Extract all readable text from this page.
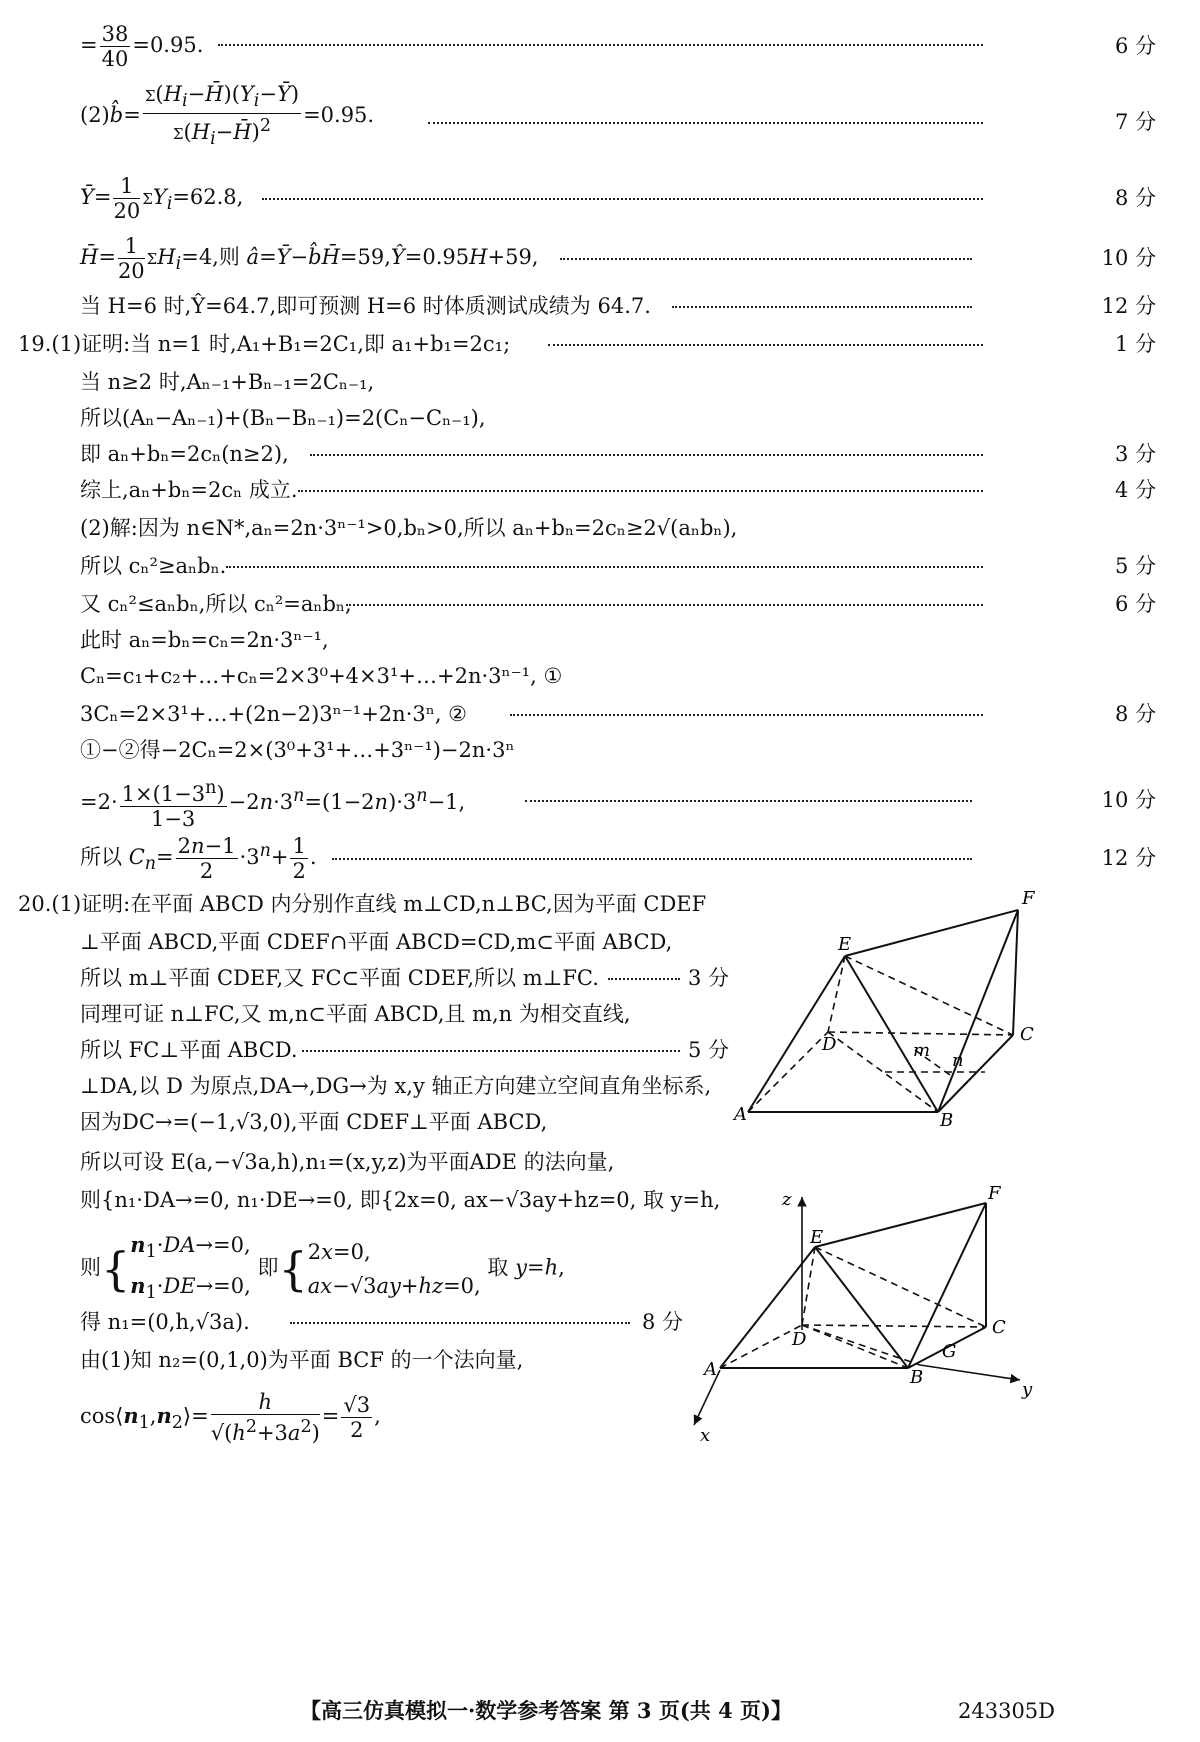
= $\frac{38}{40} =0.95$.	6 分
(2)b̂= $\frac{\Sigma(H_i-H̄)(Y_i-Ȳ)}{\Sigma(H_i-H̄)^2} =0.95$.	7 分
Ȳ= $\frac{1}{20} \Sigma Y_i=62.8$,	8 分
H̄= $\frac{1}{20} \Sigma H_i=4$,则 â=Ȳ−b̂H̄=59,Ŷ=0.95H+59,	10 分
当 H=6 时,Ŷ=64.7,即可预测 H=6 时体质测试成绩为 64.7.	12 分
19.(1)证明:当 n=1 时,A₁+B₁=2C₁,即 a₁+b₁=2c₁;	1 分
当 n≥2 时,Aₙ₋₁+Bₙ₋₁=2Cₙ₋₁,
所以(Aₙ−Aₙ₋₁)+(Bₙ−Bₙ₋₁)=2(Cₙ−Cₙ₋₁),
即 aₙ+bₙ=2cₙ(n≥2),	3 分
综上,aₙ+bₙ=2cₙ 成立.	4 分
(2)解:因为 n∈N*,aₙ=2n·3ⁿ⁻¹>0,bₙ>0,所以 aₙ+bₙ=2cₙ≥2√(aₙbₙ),
所以 cₙ²≥aₙbₙ.	5 分
又 cₙ²≤aₙbₙ,所以 cₙ²=aₙbₙ,	6 分
此时 aₙ=bₙ=cₙ=2n·3ⁿ⁻¹,
Cₙ=c₁+c₂+…+cₙ=2×3⁰+4×3¹+…+2n·3ⁿ⁻¹, ①
3Cₙ=2×3¹+…+(2n−2)3ⁿ⁻¹+2n·3ⁿ, ②	8 分
①−②得−2Cₙ=2×(3⁰+3¹+…+3ⁿ⁻¹)−2n·3ⁿ
$=2\cdot \frac{1\times(1-3^n)}{1-3} -2n\cdot 3^n=(1-2n)\cdot 3^n-1$,	10 分
所以 $C_n= \frac{2n-1}{2} \cdot 3^n+ \frac{1}{2}$ .	12 分
20.(1)证明:在平面 ABCD 内分别作直线 m⊥CD,n⊥BC,因为平面 CDEF
⊥平面 ABCD,平面 CDEF∩平面 ABCD=CD,m⊂平面 ABCD,
所以 m⊥平面 CDEF,又 FC⊂平面 CDEF,所以 m⊥FC.	3 分
同理可证 n⊥FC,又 m,n⊂平面 ABCD,且 m,n 为相交直线,
所以 FC⊥平面 ABCD.	5 分
⊥DA,以 D 为原点,DA→,DG→为 x,y 轴正方向建立空间直角坐标系,
因为DC→=(−1,√3,0),平面 CDEF⊥平面 ABCD,
所以可设 E(a,−√3a,h),n₁=(x,y,z)为平面ADE 的法向量,
则{n₁·DA→=0, n₁·DE→=0, 即{2x=0, ax−√3ay+hz=0, 取 y=h,
则{$n_1\cdot DA\to=0$,
$n_1\cdot DE\to=0$, 即{2x=0,
ax−√3ay+hz=0, 取 y=h,
得 n₁=(0,h,√3a).	8 分
由(1)知 n₂=(0,1,0)为平面 BCF 的一个法向量,
$\cos⟨n_1,n_2⟩= \frac{h}{√(h^2+3a^2)} = \frac{√3}{2}$ ,
F
E
D	C
A	B
m n
z	F
E
D
C
G
A	B
x
y
【高三仿真模拟一·数学参考答案 第 3 页(共 4 页)】	243305D
